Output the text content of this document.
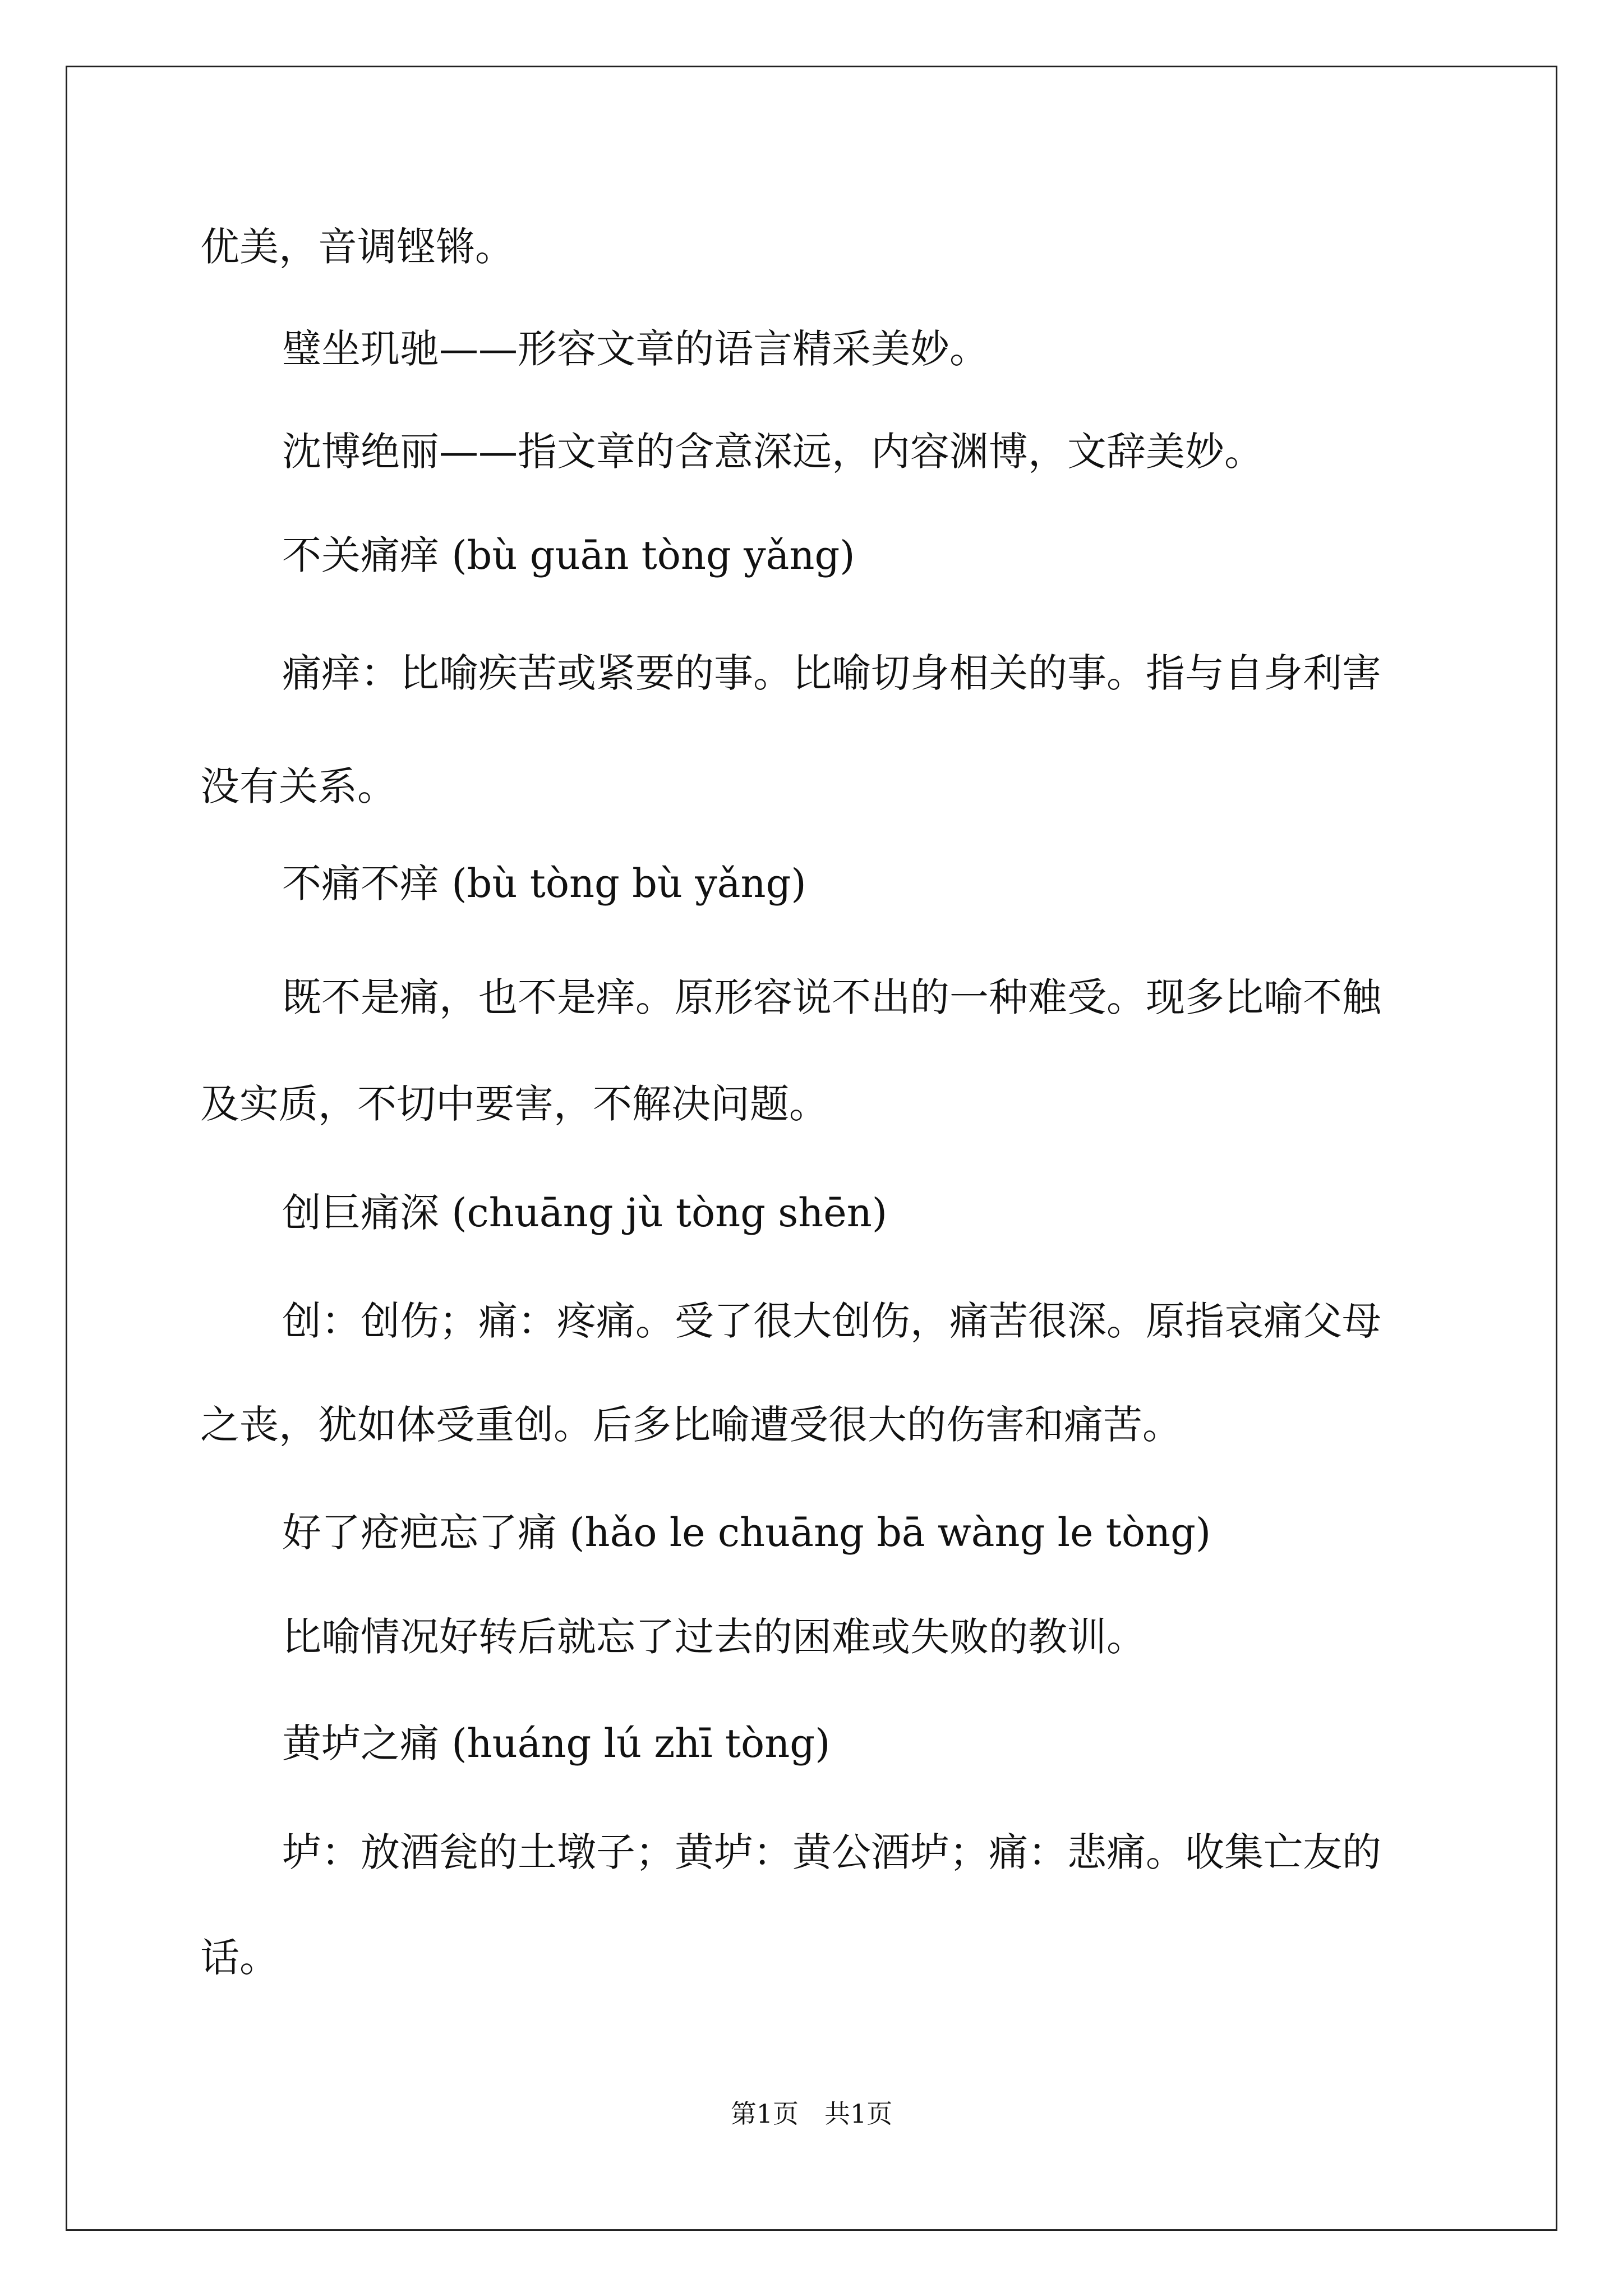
优美，音调铿锵。
璧坐玑驰——形容文章的语言精采美妙。
沈博绝丽——指文章的含意深远，内容渊博，文辞美妙。
不关痛痒 (bù guān tòng yǎng)
痛痒：比喻疾苦或紧要的事。比喻切身相关的事。指与自身利害
没有关系。
不痛不痒 (bù tòng bù yǎng)
既不是痛，也不是痒。原形容说不出的一种难受。现多比喻不触
及实质，不切中要害，不解决问题。
创巨痛深 (chuāng jù tòng shēn)
创：创伤；痛：疼痛。受了很大创伤，痛苦很深。原指哀痛父母
之丧，犹如体受重创。后多比喻遭受很大的伤害和痛苦。
好了疮疤忘了痛 (hǎo le chuāng bā wàng le tòng)
比喻情况好转后就忘了过去的困难或失败的教训。
黄垆之痛 (huáng lú zhī tòng)
垆：放酒瓮的土墩子；黄垆：黄公酒垆；痛：悲痛。收集亡友的
话。
第1页　共1页
